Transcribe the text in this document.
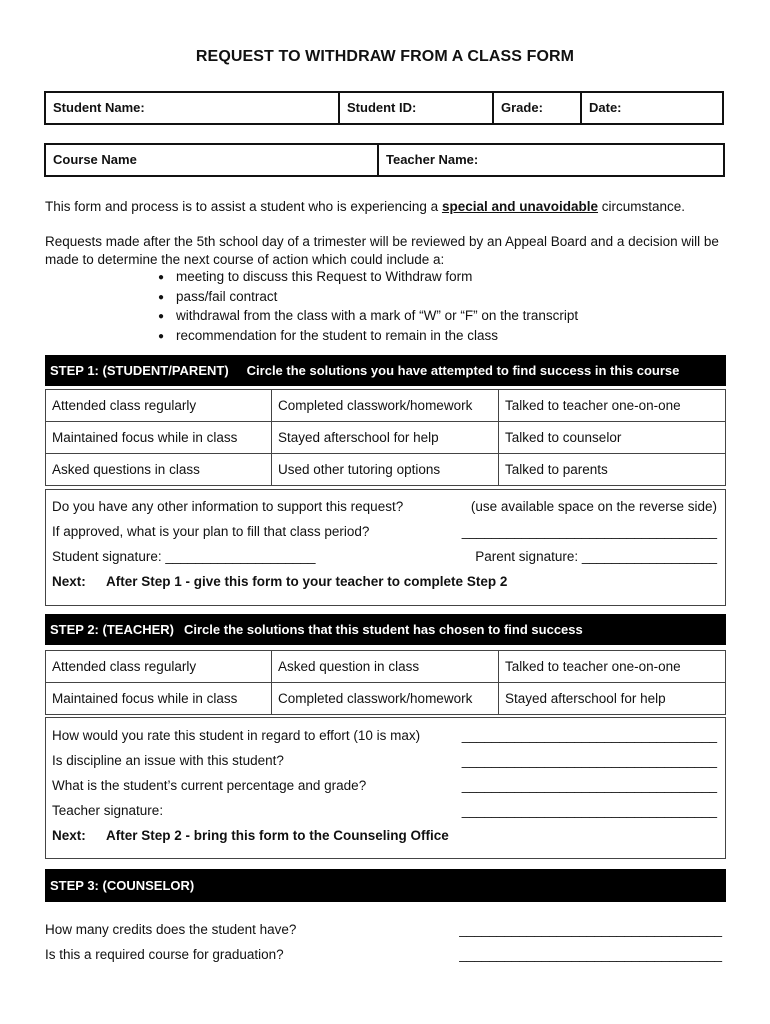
REQUEST TO WITHDRAW FROM A CLASS FORM
Student Name:	Student ID:	Grade:	Date:
Course Name	Teacher Name:
This form and process is to assist a student who is experiencing a special and unavoidable circumstance.
Requests made after the 5th school day of a trimester will be reviewed by an Appeal Board and a decision will be made to determine the next course of action which could include a:
● meeting to discuss this Request to Withdraw form
● pass/fail contract
● withdrawal from the class with a mark of “W” or “F” on the transcript
● recommendation for the student to remain in the class
STEP 1: (STUDENT/PARENT) Circle the solutions you have attempted to find success in this course
Attended class regularly	Completed classwork/homework	Talked to teacher one-on-one
Maintained focus while in class	Stayed afterschool for help	Talked to counselor
Asked questions in class	Used other tutoring options	Talked to parents
Do you have any other information to support this request?	(use available space on the reverse side)
If approved, what is your plan to fill that class period?	__________________________________
Student signature: ____________________	Parent signature: __________________
Next:	After Step 1 - give this form to your teacher to complete Step 2
STEP 2: (TEACHER) Circle the solutions that this student has chosen to find success
Attended class regularly	Asked question in class	Talked to teacher one-on-one
Maintained focus while in class	Completed classwork/homework	Stayed afterschool for help
How would you rate this student in regard to effort (10 is max)	__________________________________
Is discipline an issue with this student?	__________________________________
What is the student’s current percentage and grade?	__________________________________
Teacher signature:	__________________________________
Next:	After Step 2 - bring this form to the Counseling Office
STEP 3: (COUNSELOR)
How many credits does the student have?	___________________________________
Is this a required course for graduation?	___________________________________
